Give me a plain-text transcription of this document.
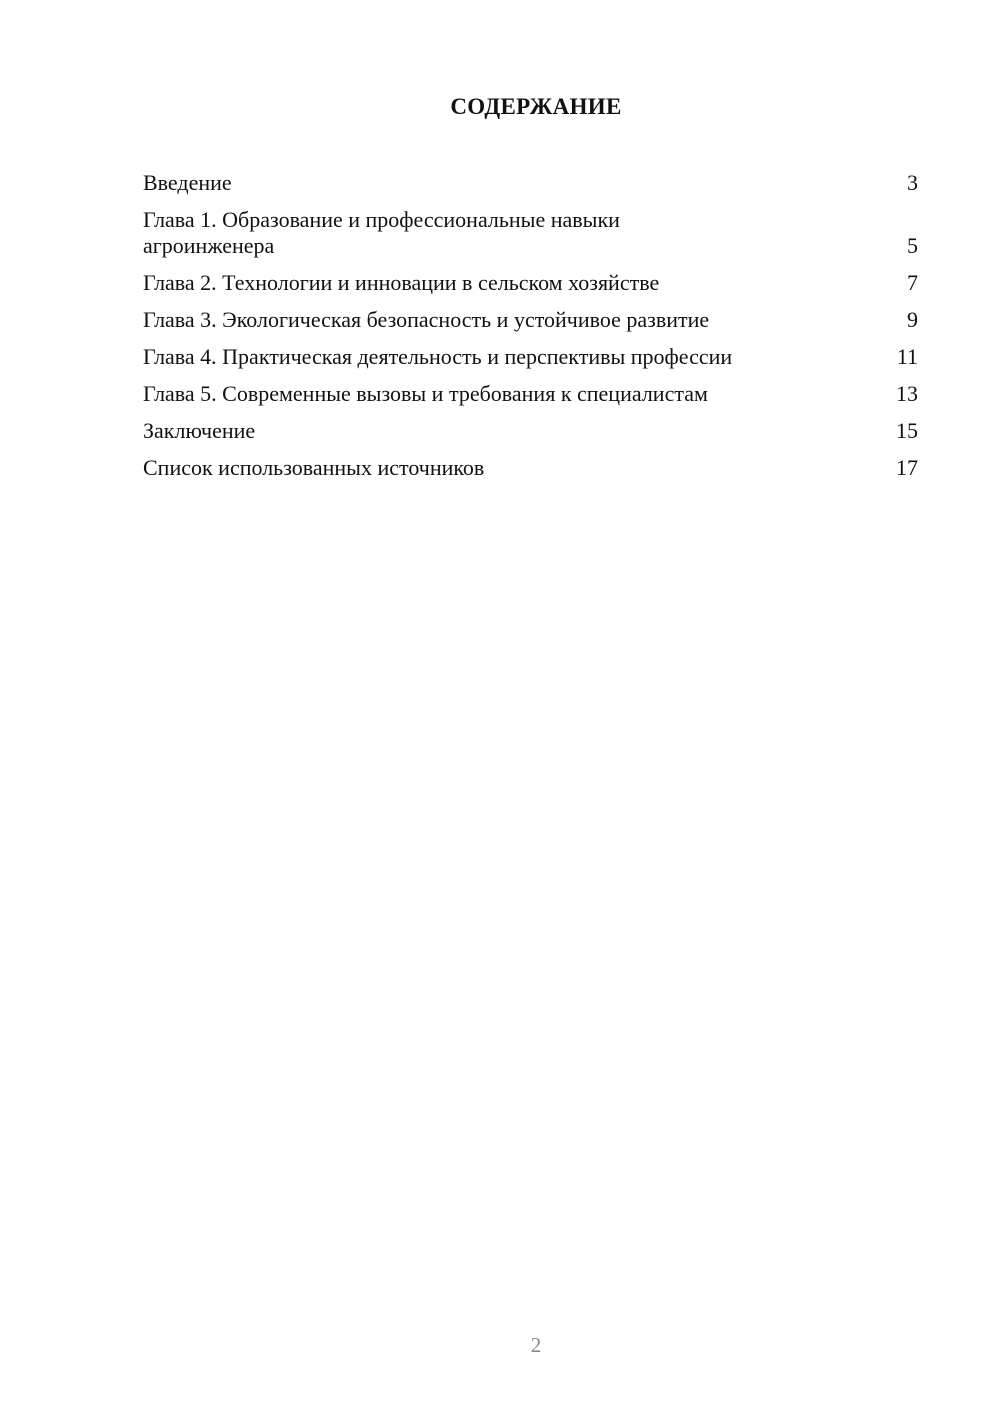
СОДЕРЖАНИЕ
Введение	3
Глава 1. Образование и профессиональные навыки агроинженера	5
Глава 2. Технологии и инновации в сельском хозяйстве	7
Глава 3. Экологическая безопасность и устойчивое развитие	9
Глава 4. Практическая деятельность и перспективы профессии	11
Глава 5. Современные вызовы и требования к специалистам	13
Заключение	15
Список использованных источников	17
2
